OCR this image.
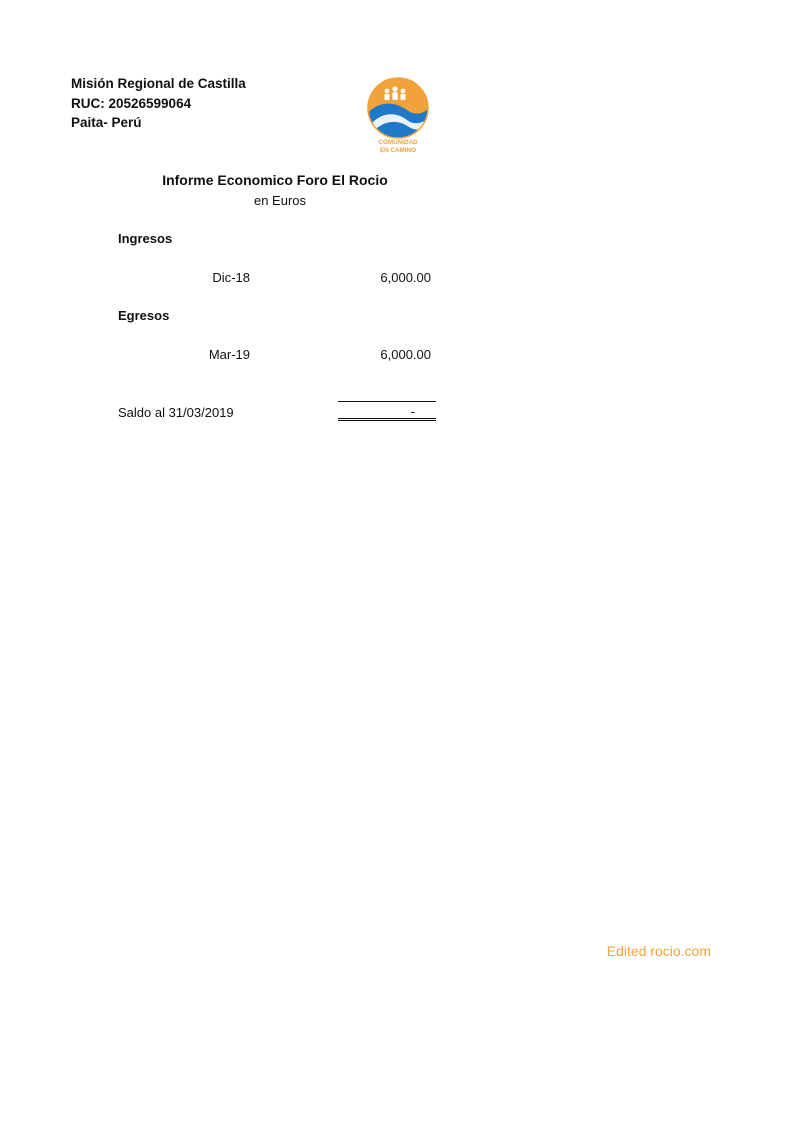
Misión Regional de Castilla
RUC: 20526599064
Paita- Perú
COMUNIDAD
EN CAMINO
Informe Economico Foro El Rocio
en Euros
Ingresos
Dic-18	6,000.00
Egresos
Mar-19	6,000.00
Saldo al 31/03/2019	-
Edited rocio.com
